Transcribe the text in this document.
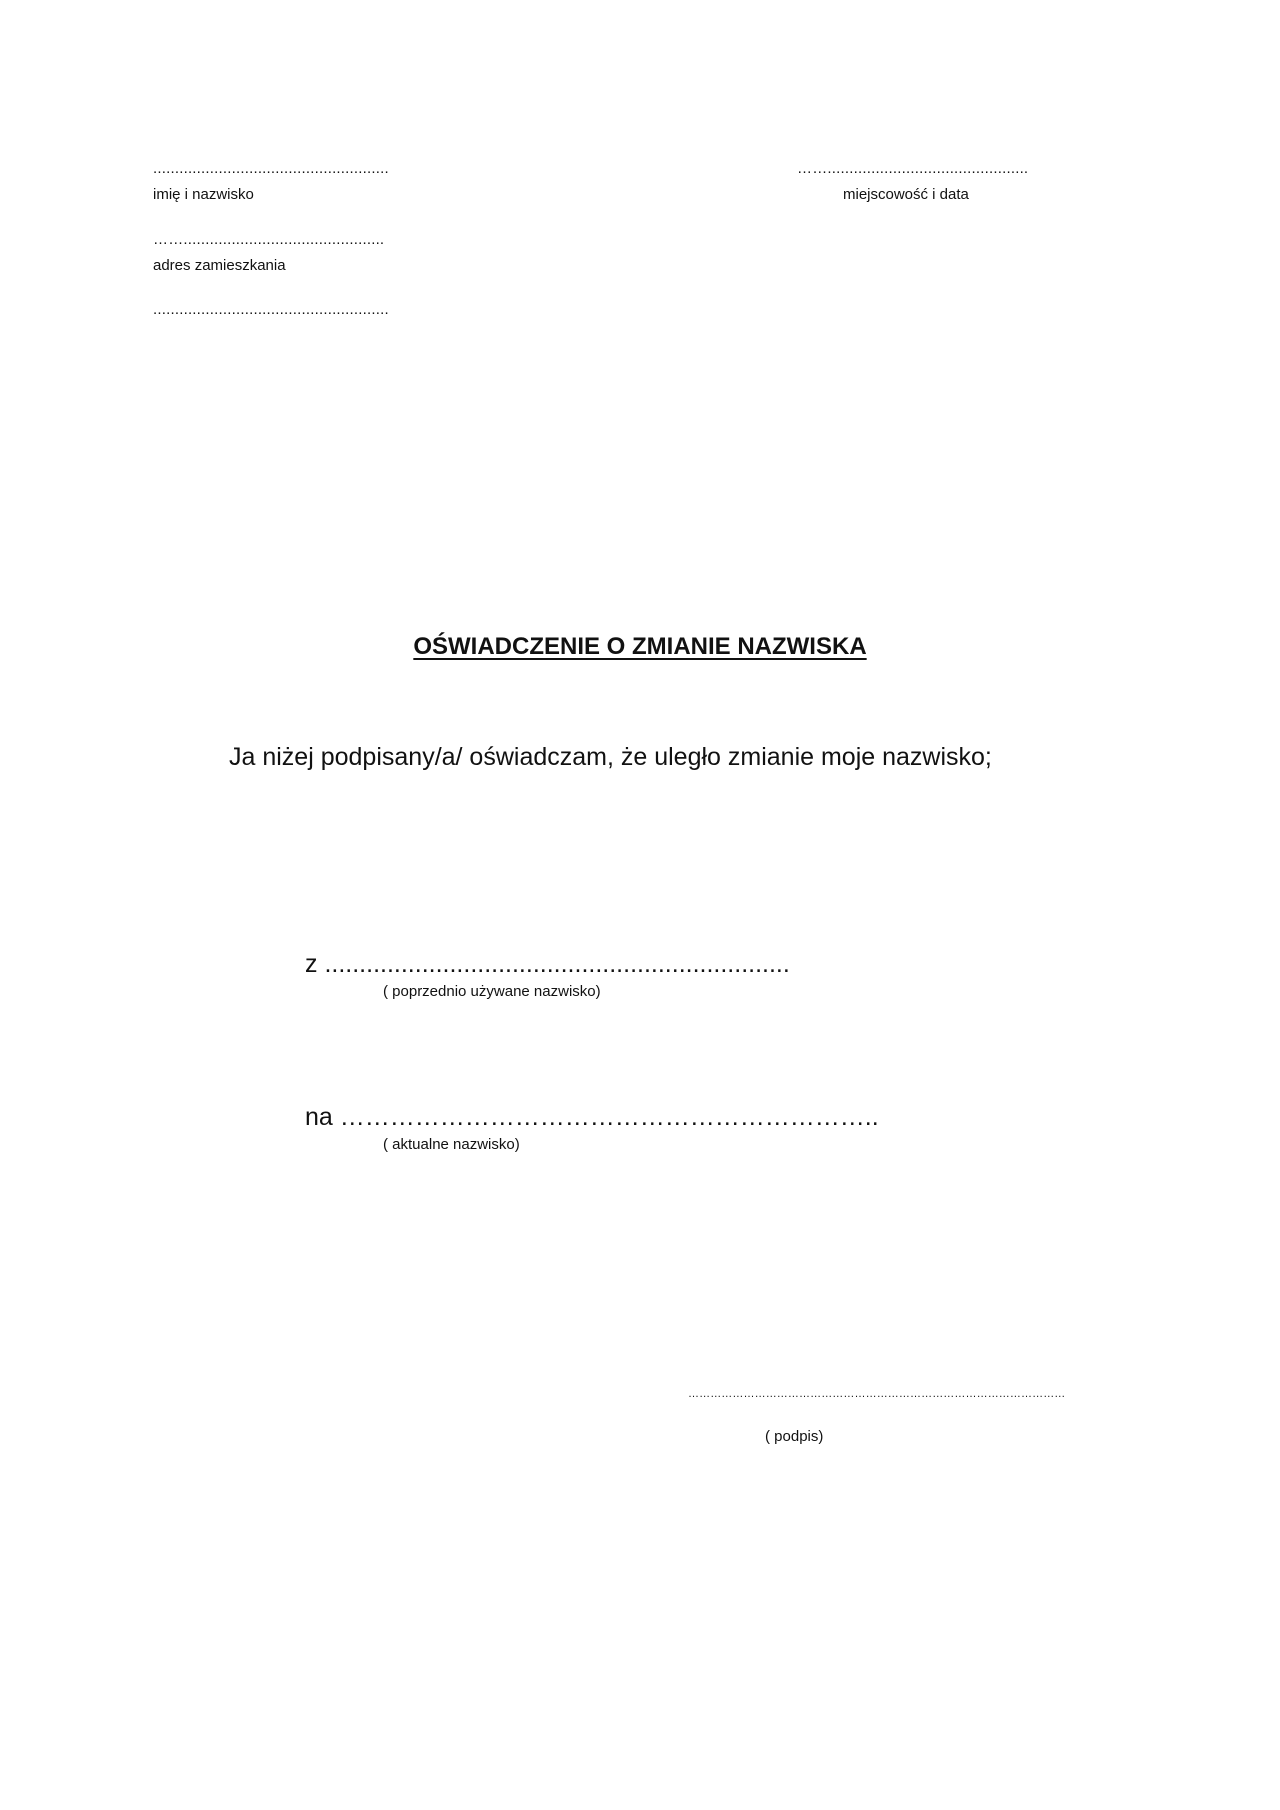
......................................................
imię i nazwisko
……..............................................
miejscowość i data
……..............................................
adres zamieszkania
......................................................
OŚWIADCZENIE O ZMIANIE NAZWISKA
Ja niżej podpisany/a/ oświadczam, że uległo zmianie moje nazwisko;
z ...................................................................
( poprzednio używane nazwisko)
na ………………………………………………………..
( aktualne nazwisko)
…………………………………………………………………………………………
( podpis)
